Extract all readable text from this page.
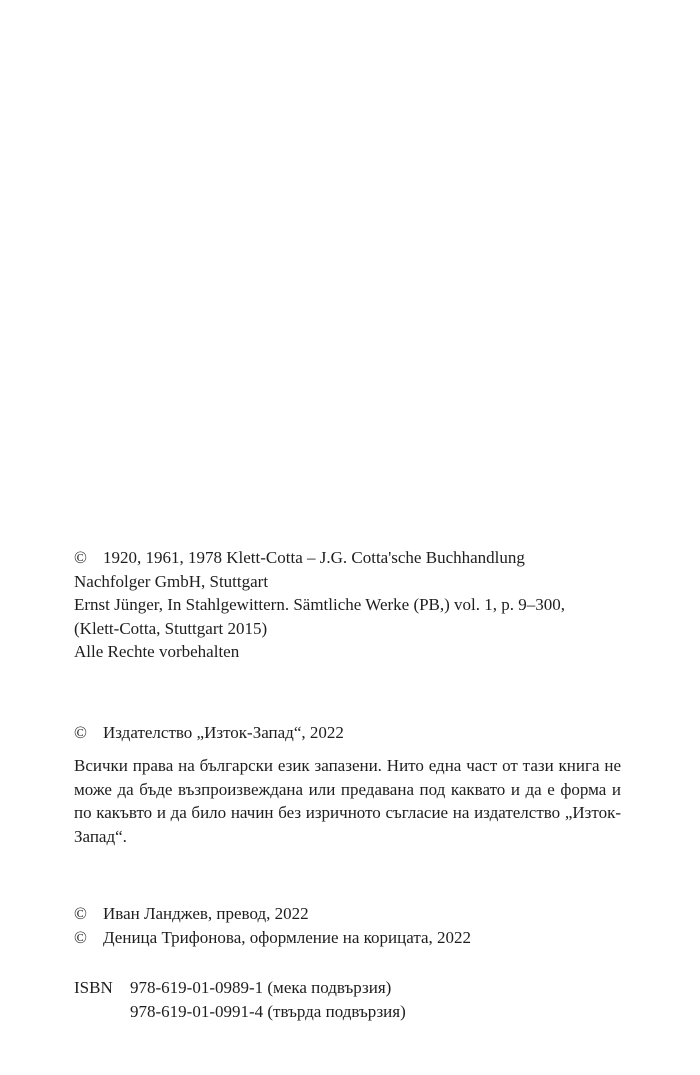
© 1920, 1961, 1978 Klett-Cotta – J.G. Cotta'sche Buchhandlung
Nachfolger GmbH, Stuttgart
Ernst Jünger, In Stahlgewittern. Sämtliche Werke (PB,) vol. 1, p. 9–300,
(Klett-Cotta, Stuttgart 2015)
Alle Rechte vorbehalten
© Издателство „Изток-Запад“, 2022
Всички права на български език запазени. Нито една част от тази книга не може да бъде възпроизвеждана или предавана под каквато и да е форма и по какъвто и да било начин без изричното съгласие на издателство „Изток-Запад“.
© Иван Ланджев, превод, 2022
© Деница Трифонова, оформление на корицата, 2022
ISBN	978-619-01-0989-1 (мека подвързия)
978-619-01-0991-4 (твърда подвързия)
